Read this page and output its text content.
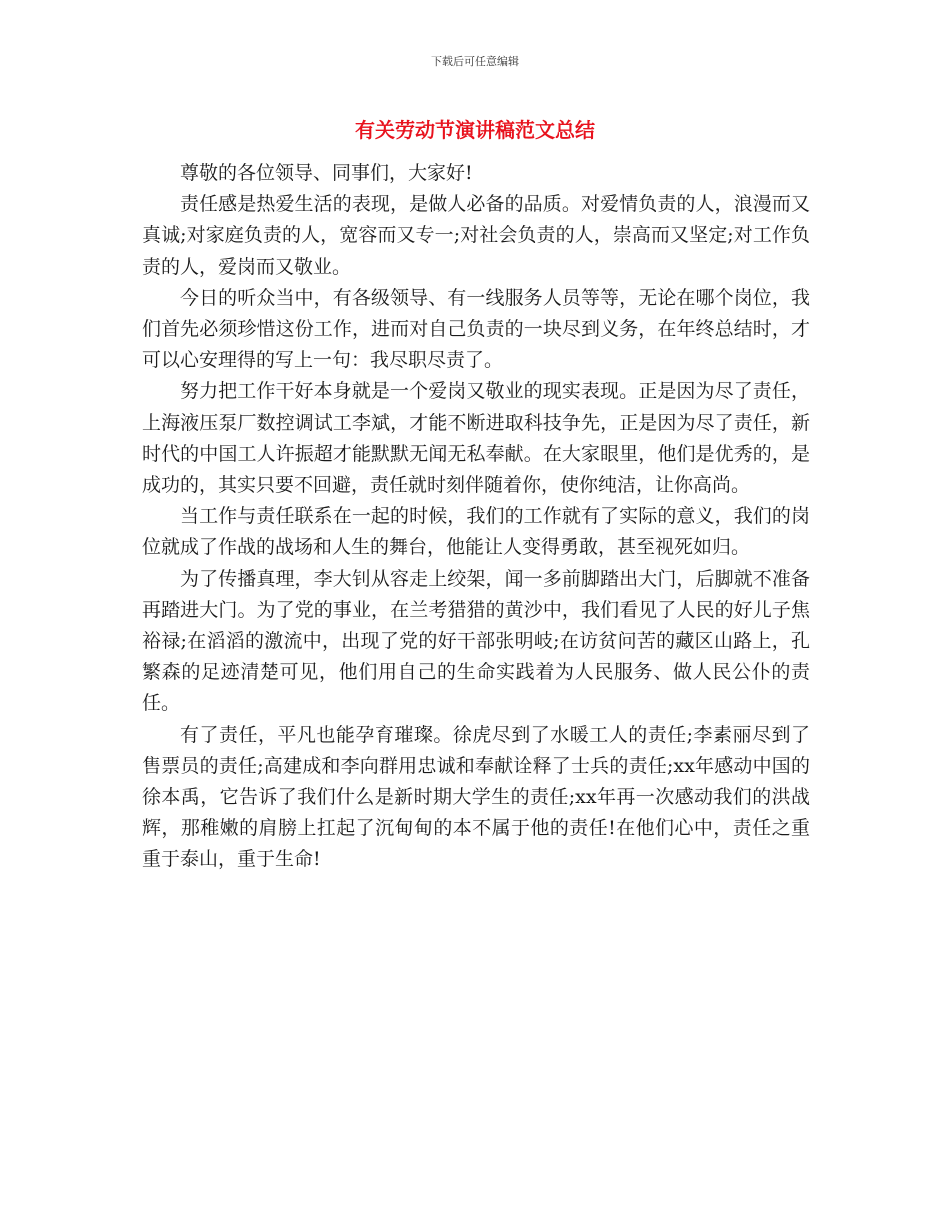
下载后可任意编辑
有关劳动节演讲稿范文总结

尊敬的各位领导、同事们，大家好!

责任感是热爱生活的表现，是做人必备的品质。对爱情负责的人，浪漫而又真诚;对家庭负责的人，宽容而又专一;对社会负责的人，崇高而又坚定;对工作负责的人，爱岗而又敬业。

今日的听众当中，有各级领导、有一线服务人员等等，无论在哪个岗位，我们首先必须珍惜这份工作，进而对自己负责的一块尽到义务，在年终总结时，才可以心安理得的写上一句：我尽职尽责了。

努力把工作干好本身就是一个爱岗又敬业的现实表现。正是因为尽了责任，上海液压泵厂数控调试工李斌，才能不断进取科技争先，正是因为尽了责任，新时代的中国工人许振超才能默默无闻无私奉献。在大家眼里，他们是优秀的，是成功的，其实只要不回避，责任就时刻伴随着你，使你纯洁，让你高尚。

当工作与责任联系在一起的时候，我们的工作就有了实际的意义，我们的岗位就成了作战的战场和人生的舞台，他能让人变得勇敢，甚至视死如归。

为了传播真理，李大钊从容走上绞架，闻一多前脚踏出大门，后脚就不准备再踏进大门。为了党的事业，在兰考猎猎的黄沙中，我们看见了人民的好儿子焦裕禄;在滔滔的激流中，出现了党的好干部张明岐;在访贫问苦的藏区山路上，孔繁森的足迹清楚可见，他们用自己的生命实践着为人民服务、做人民公仆的责任。

有了责任，平凡也能孕育璀璨。徐虎尽到了水暖工人的责任;李素丽尽到了售票员的责任;高建成和李向群用忠诚和奉献诠释了士兵的责任;xx年感动中国的徐本禹，它告诉了我们什么是新时期大学生的责任;xx年再一次感动我们的洪战辉，那稚嫩的肩膀上扛起了沉甸甸的本不属于他的责任!在他们心中，责任之重重于泰山，重于生命!
